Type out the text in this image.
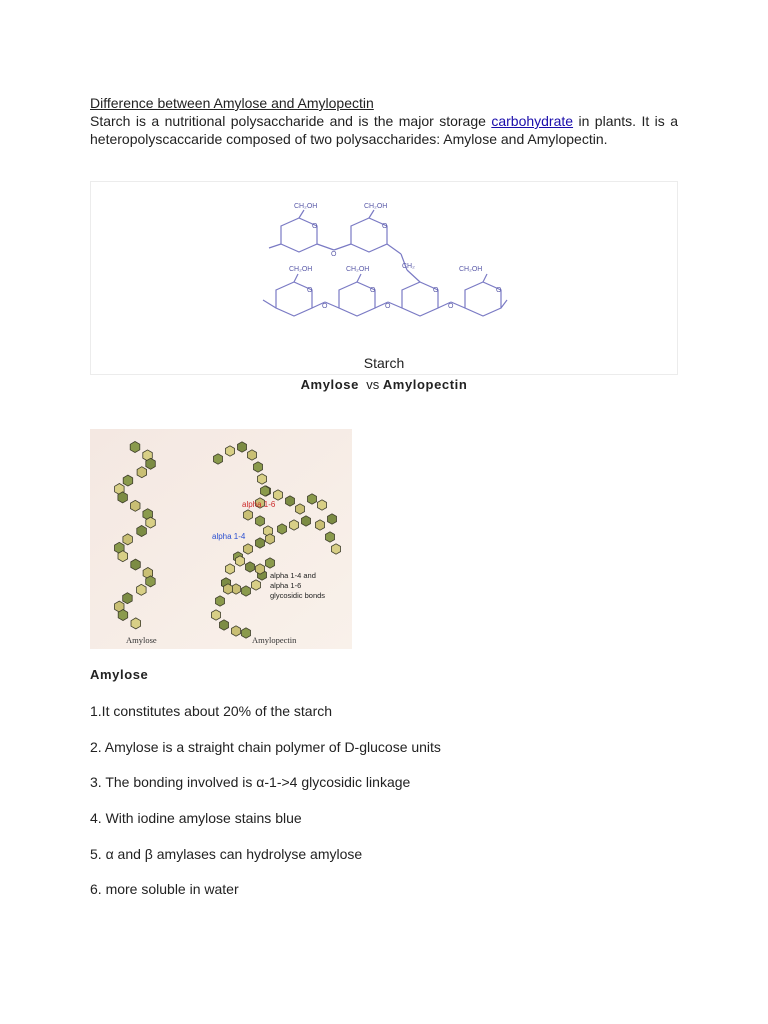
Difference between Amylose and Amylopectin
Starch is a nutritional polysaccharide and is the major storage carbohydrate in plants. It is a heteropolyscaccaride composed of two polysaccharides: Amylose and Amylopectin.
CH₂OH	CH₂OH
CH₂OH	CH₂OH	CH₂	CH₂OH
O	O
O	O	O	O
O
O	O	O
Starch
Amylose vs Amylopectin
alpha 1-6
alpha 1-4
alpha 1-4 and
alpha 1-6
glycosidic bonds
Amylose	Amylopectin
Amylose
1.It constitutes about 20% of the starch
2. Amylose is a straight chain polymer of D-glucose units
3. The bonding involved is α-1->4 glycosidic linkage
4. With iodine amylose stains blue
5. α and β amylases can hydrolyse amylose
6. more soluble in water
